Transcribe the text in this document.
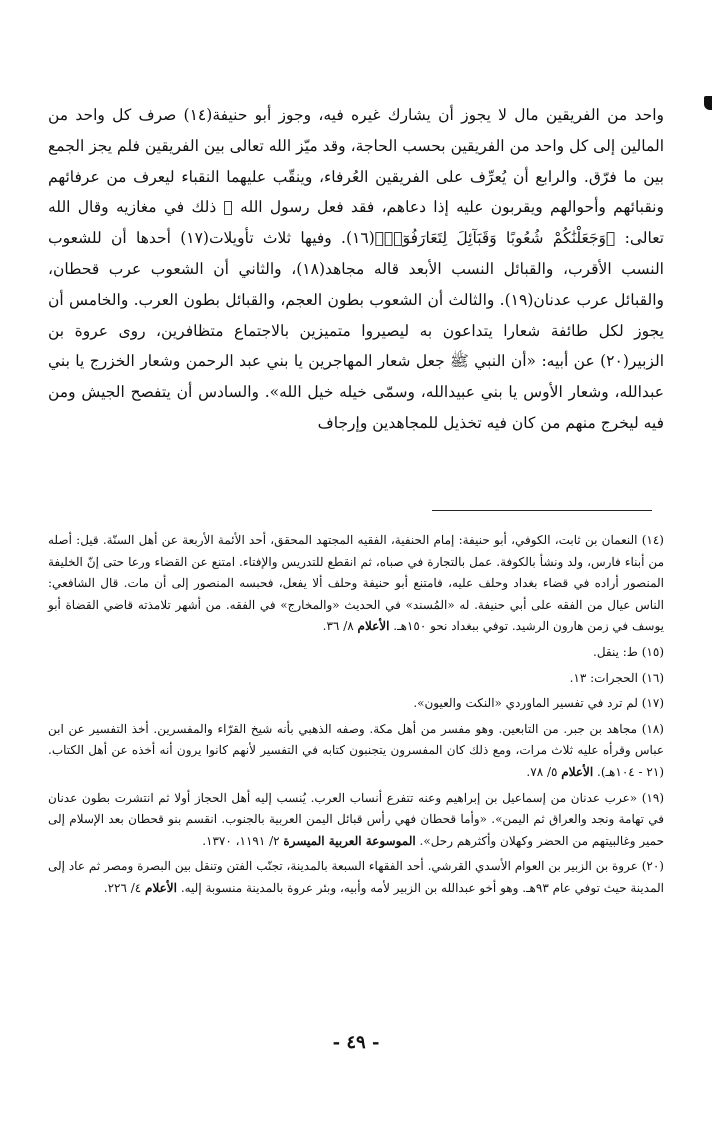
واحد من الفريقين مال لا يجوز أن يشارك غيره فيه، وجوز أبو حنيفة(١٤) صرف كل واحد من المالين إلى كل واحد من الفريقين بحسب الحاجة، وقد ميّز الله تعالى بين الفريقين فلم يجز الجمع بين ما فرّق. والرابع أن يُعرِّف على الفريقين العُرفاء، وينقّب عليهما النقباء ليعرف من عرفائهم ونقبائهم وأحوالهم ويقربون عليه إذا دعاهم، فقد فعل رسول الله ﷺ ذلك في مغازيه وقال الله تعالى: ﴿وَجَعَلْنَٰكُمْ شُعُوبًا وَقَبَآئِلَ لِتَعَارَفُوٓا۟﴾(١٦). وفيها ثلاث تأويلات(١٧) أحدها أن للشعوب النسب الأقرب، والقبائل النسب الأبعد قاله مجاهد(١٨)، والثاني أن الشعوب عرب قحطان، والقبائل عرب عدنان(١٩). والثالث أن الشعوب بطون العجم، والقبائل بطون العرب. والخامس أن يجوز لكل طائفة شعارا يتداعون به ليصيروا متميزين بالاجتماع متظافرين، روى عروة بن الزبير(٢٠) عن أبيه: «أن النبي ﷺ جعل شعار المهاجرين يا بني عبد الرحمن وشعار الخزرج يا بني عبدالله، وشعار الأوس يا بني عبيدالله، وسمّى خيله خيل الله». والسادس أن يتفصح الجيش ومن فيه ليخرج منهم من كان فيه تخذيل للمجاهدين وإرجاف

(١٤) النعمان بن ثابت، الكوفي، أبو حنيفة: إمام الحنفية، الفقيه المجتهد المحقق، أحد الأئمة الأربعة عن أهل السنّة. قيل: أصله من أبناء فارس، ولد ونشأ بالكوفة. عمل بالتجارة في صباه، ثم انقطع للتدريس والإفتاء. امتنع عن القضاء ورعا حتى إنّ الخليفة المنصور أراده في قضاء بغداد وحلف عليه، فامتنع أبو حنيفة وحلف ألا يفعل، فحبسه المنصور إلى أن مات. قال الشافعي: الناس عيال من الفقه على أبي حنيفة. له «المُسند» في الحديث «والمخارج» في الفقه. من أشهر تلامذته قاضي القضاة أبو يوسف في زمن هارون الرشيد. توفي ببغداد نحو ١٥٠هـ. الأعلام ٨/ ٣٦.

(١٥) ط: ينقل.

(١٦) الحجرات: ١٣.

(١٧) لم ترد في تفسير الماوردي «النكت والعيون».

(١٨) مجاهد بن جبر. من التابعين. وهو مفسر من أهل مكة. وصفه الذهبي بأنه شيخ القرّاء والمفسرين. أخذ التفسير عن ابن عباس وقرأه عليه ثلاث مرات، ومع ذلك كان المفسرون يتجنبون كتابه في التفسير لأنهم كانوا يرون أنه أخذه عن أهل الكتاب. (٢١ - ١٠٤هـ). الأعلام ٥/ ٧٨.

(١٩) «عرب عدنان من إسماعيل بن إبراهيم وعنه تتفرع أنساب العرب. يُنسب إليه أهل الحجاز أولا ثم انتشرت بطون عدنان في تهامة ونجد والعراق ثم اليمن». «وأما قحطان فهي رأس قبائل اليمن العربية بالجنوب. انقسم بنو قحطان بعد الإسلام إلى حمير وغالبيتهم من الحضر وكهلان وأكثرهم رحل». الموسوعة العربية الميسرة ٢/ ١١٩١، ١٣٧٠.

(٢٠) عروة بن الزبير بن العوام الأسدي القرشي. أحد الفقهاء السبعة بالمدينة، تجنّب الفتن وتنقل بين البصرة ومصر ثم عاد إلى المدينة حيث توفي عام ٩٣هـ. وهو أخو عبدالله بن الزبير لأمه وأبيه، وبئر عروة بالمدينة منسوبة إليه. الأعلام ٤/ ٢٢٦.

- ٤٩ -
